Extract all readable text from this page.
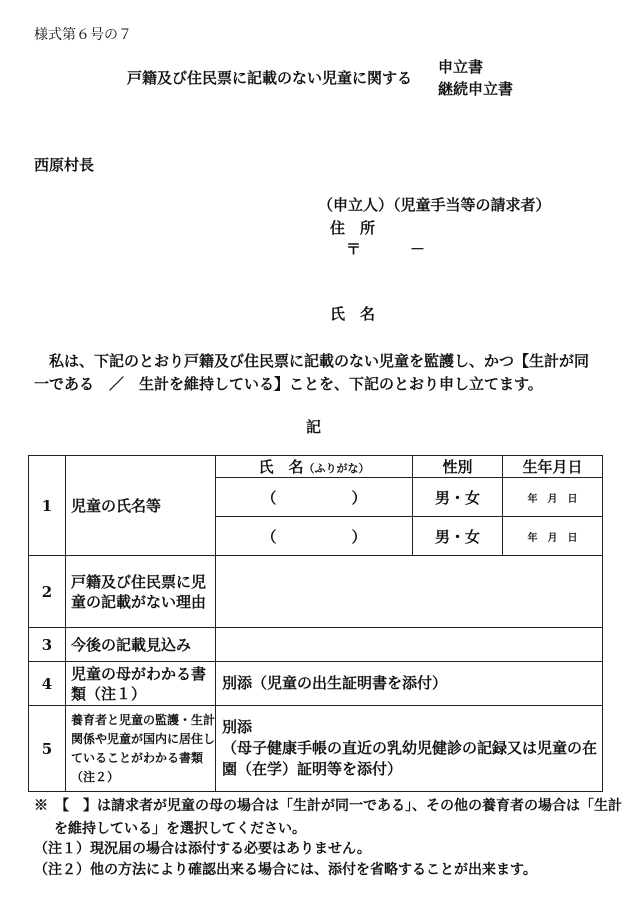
様式第６号の７
戸籍及び住民票に記載のない児童に関する
申立書
継続申立書
西原村長
（申立人）（児童手当等の請求者）
住　所
〒	－
氏　名
私は、下記のとおり戸籍及び住民票に記載のない児童を監護し、かつ【生計が同一である　／　生計を維持している】ことを、下記のとおり申し立てます。
記
1	児童の氏名等	氏　名（ふりがな）	性別	生年月日
		（　　　　　）	男・女	年　月　日
		（　　　　　）	男・女	年　月　日
2	戸籍及び住民票に児童の記載がない理由			
3	今後の記載見込み			
4	児童の母がわかる書類（注１）	別添（児童の出生証明書を添付）		
5	養育者と児童の監護・生計関係や児童が国内に居住していることがわかる書類（注２）	別添
（母子健康手帳の直近の乳幼児健診の記録又は児童の在園（在学）証明等を添付）		
※　【　】は請求者が児童の母の場合は「生計が同一である」、その他の養育者の場合は「生計
を維持している」を選択してください。
（注１）現況届の場合は添付する必要はありません。
（注２）他の方法により確認出来る場合には、添付を省略することが出来ます。
